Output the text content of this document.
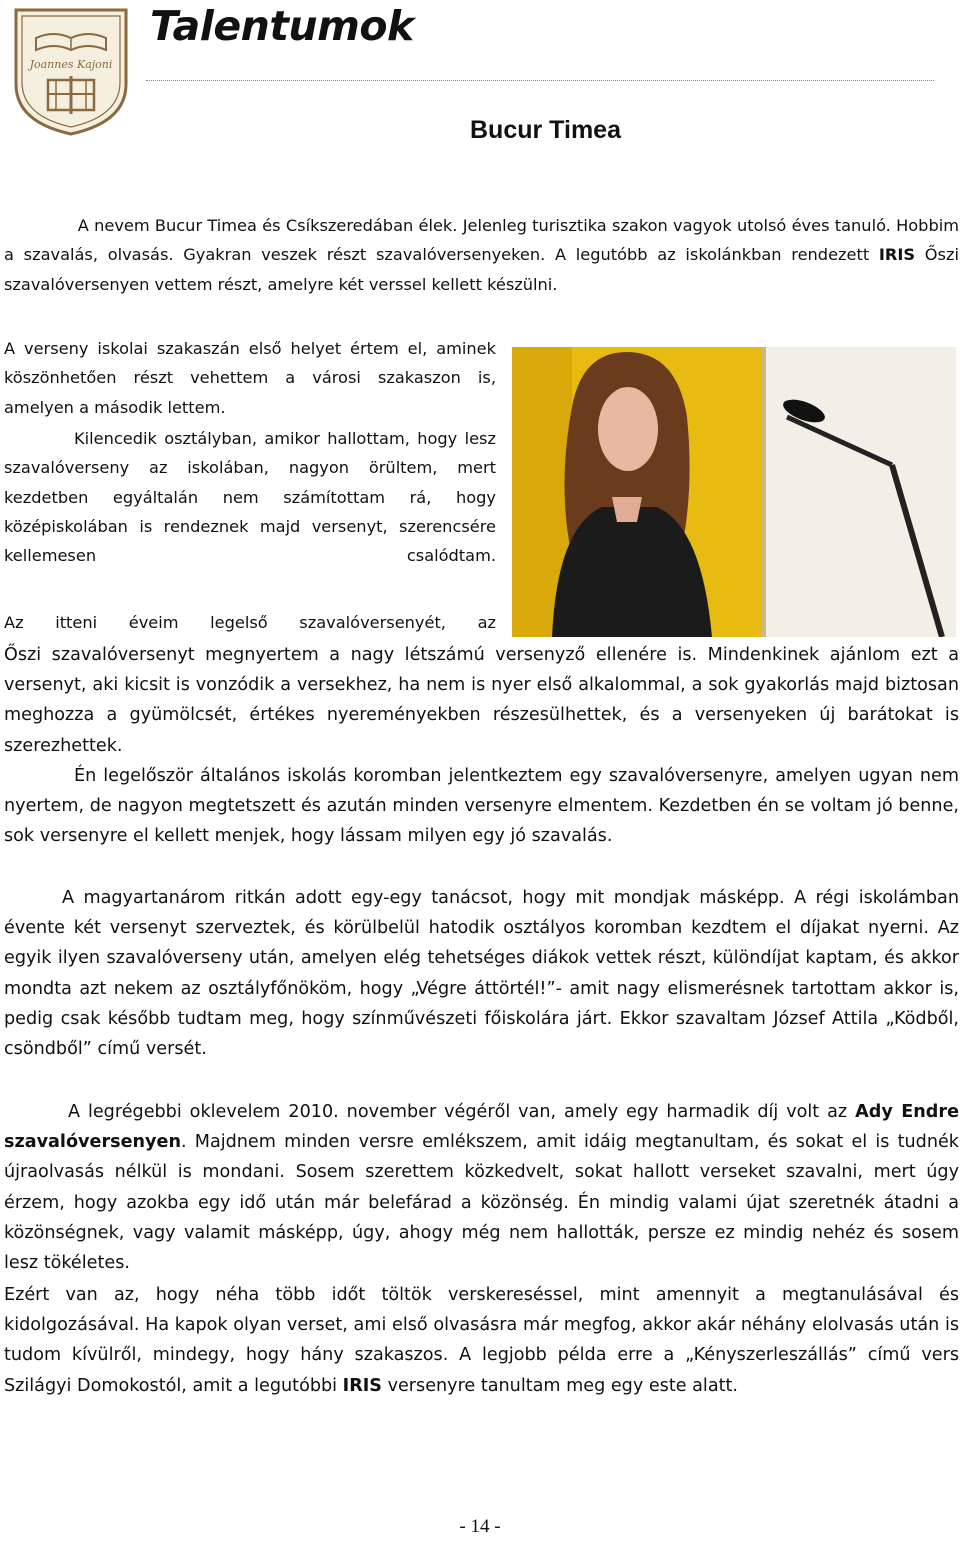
Joannes Kajoni
Talentumok
Bucur Timea

A nevem Bucur Timea és Csíkszeredában élek. Jelenleg turisztika szakon vagyok utolsó éves tanuló. Hobbim a szavalás, olvasás. Gyakran veszek részt szavalóversenyeken. A legutóbb az iskolánkban rendezett IRIS Őszi szavalóversenyen vettem részt, amelyre két verssel kellett készülni.

A verseny iskolai szakaszán első helyet értem el, aminek köszönhetően részt vehettem a városi szakaszon is, amelyen a második lettem.

Kilencedik osztályban, amikor hallottam, hogy lesz szavalóverseny az iskolában, nagyon örültem, mert kezdetben egyáltalán nem számítottam rá, hogy középiskolában is rendeznek majd versenyt, szerencsére kellemesen csalódtam.

Az itteni éveim legelső szavalóversenyét, az

Őszi szavalóversenyt megnyertem a nagy létszámú versenyző ellenére is. Mindenkinek ajánlom ezt a versenyt, aki kicsit is vonzódik a versekhez, ha nem is nyer első alkalommal, a sok gyakorlás majd biztosan meghozza a gyümölcsét, értékes nyereményekben részesülhettek, és a versenyeken új barátokat is szerezhettek.

Én legelőször általános iskolás koromban jelentkeztem egy szavalóversenyre, amelyen ugyan nem nyertem, de nagyon megtetszett és azután minden versenyre elmentem. Kezdetben én se voltam jó benne, sok versenyre el kellett menjek, hogy lássam milyen egy jó szavalás.

A magyartanárom ritkán adott egy-egy tanácsot, hogy mit mondjak másképp. A régi iskolámban évente két versenyt szerveztek, és körülbelül hatodik osztályos koromban kezdtem el díjakat nyerni. Az egyik ilyen szavalóverseny után, amelyen elég tehetséges diákok vettek részt, különdíjat kaptam, és akkor mondta azt nekem az osztályfőnököm, hogy „Végre áttörtél!”- amit nagy elismerésnek tartottam akkor is, pedig csak később tudtam meg, hogy színművészeti főiskolára járt. Ekkor szavaltam József Attila „Ködből, csöndből” című versét.

A legrégebbi oklevelem 2010. november végéről van, amely egy harmadik díj volt az Ady Endre szavalóversenyen. Majdnem minden versre emlékszem, amit idáig megtanultam, és sokat el is tudnék újraolvasás nélkül is mondani. Sosem szerettem közkedvelt, sokat hallott verseket szavalni, mert úgy érzem, hogy azokba egy idő után már belefárad a közönség. Én mindig valami újat szeretnék átadni a közönségnek, vagy valamit másképp, úgy, ahogy még nem hallották, persze ez mindig nehéz és sosem lesz tökéletes.

Ezért van az, hogy néha több időt töltök verskereséssel, mint amennyit a megtanulásával és kidolgozásával. Ha kapok olyan verset, ami első olvasásra már megfog, akkor akár néhány elolvasás után is tudom kívülről, mindegy, hogy hány szakaszos. A legjobb példa erre a „Kényszerleszállás” című vers Szilágyi Domokostól, amit a legutóbbi IRIS versenyre tanultam meg egy este alatt.

- 14 -
